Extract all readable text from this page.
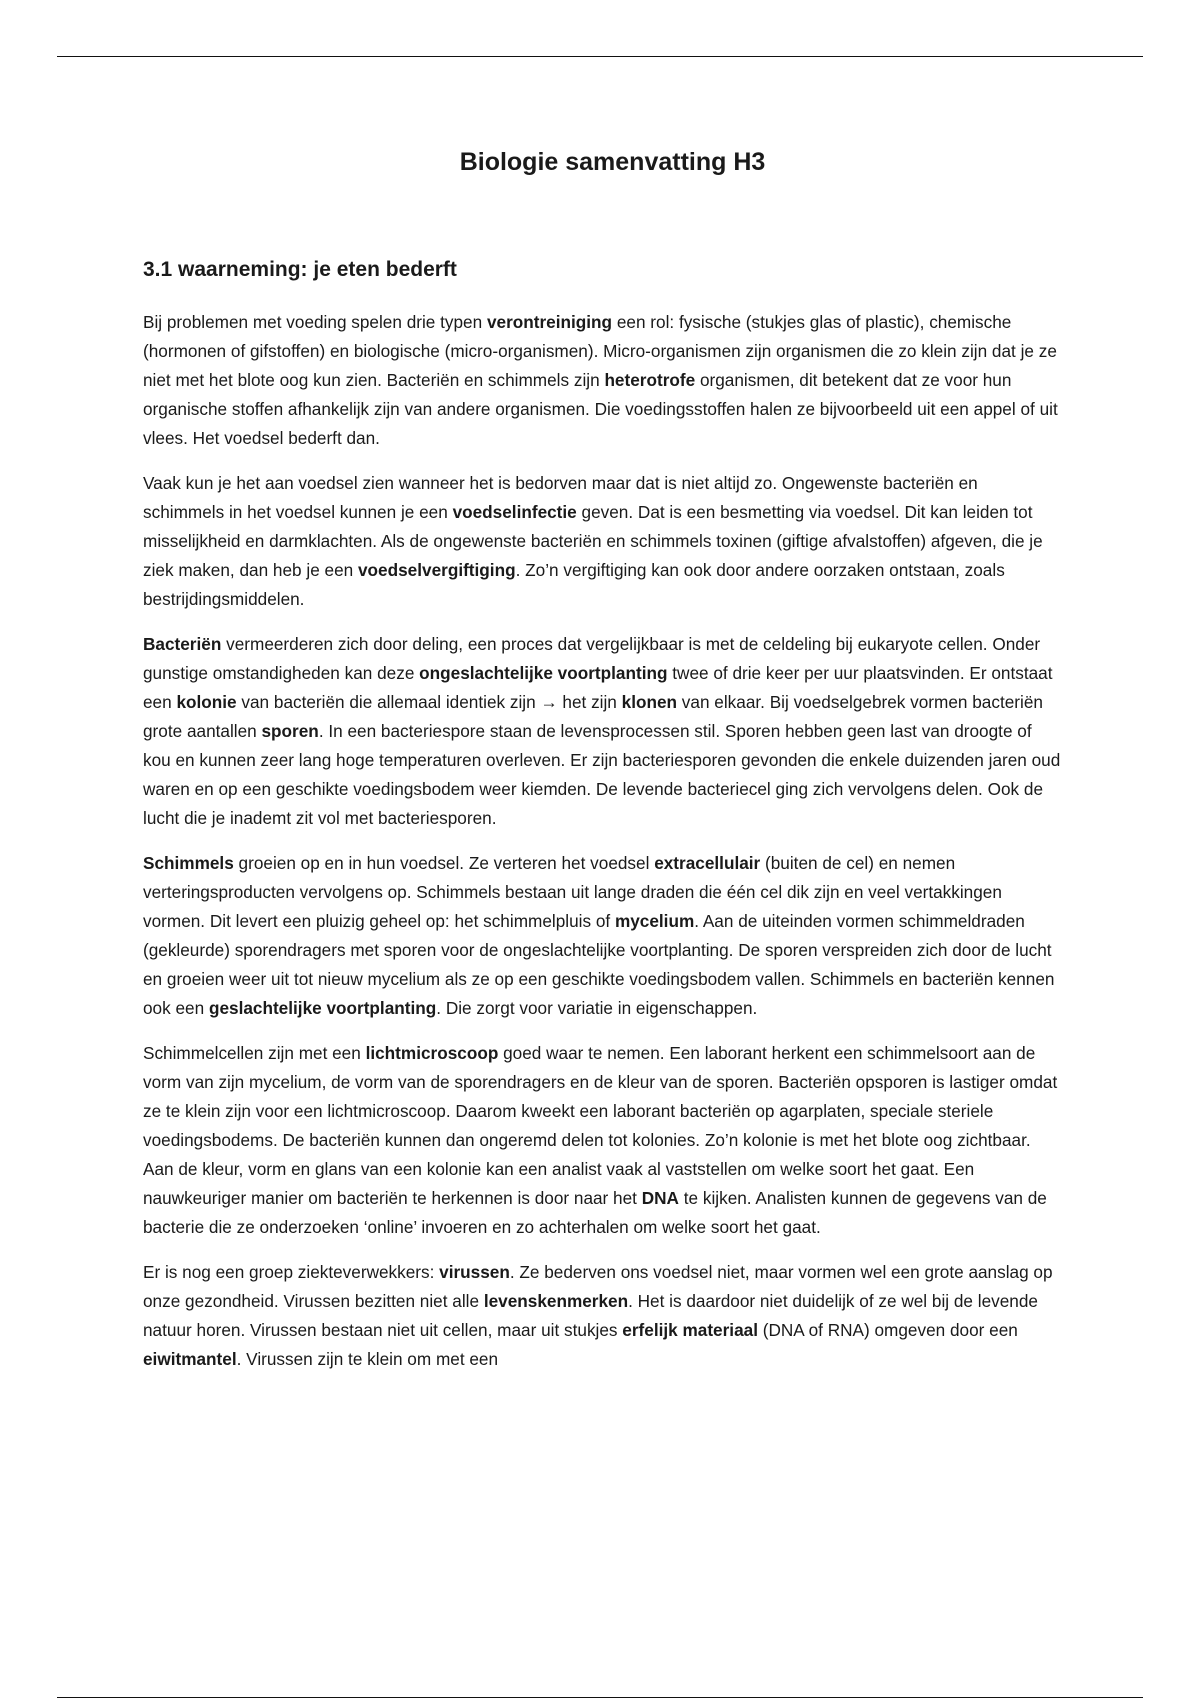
Biologie samenvatting H3
3.1 waarneming: je eten bederft

Bij problemen met voeding spelen drie typen verontreiniging een rol: fysische (stukjes glas of plastic), chemische (hormonen of gifstoffen) en biologische (micro-organismen). Micro-organismen zijn organismen die zo klein zijn dat je ze niet met het blote oog kun zien. Bacteriën en schimmels zijn heterotrofe organismen, dit betekent dat ze voor hun organische stoffen afhankelijk zijn van andere organismen. Die voedingsstoffen halen ze bijvoorbeeld uit een appel of uit vlees. Het voedsel bederft dan.

Vaak kun je het aan voedsel zien wanneer het is bedorven maar dat is niet altijd zo. Ongewenste bacteriën en schimmels in het voedsel kunnen je een voedselinfectie geven. Dat is een besmetting via voedsel. Dit kan leiden tot misselijkheid en darmklachten. Als de ongewenste bacteriën en schimmels toxinen (giftige afvalstoffen) afgeven, die je ziek maken, dan heb je een voedselvergiftiging. Zo’n vergiftiging kan ook door andere oorzaken ontstaan, zoals bestrijdingsmiddelen.

Bacteriën vermeerderen zich door deling, een proces dat vergelijkbaar is met de celdeling bij eukaryote cellen. Onder gunstige omstandigheden kan deze ongeslachtelijke voortplanting twee of drie keer per uur plaatsvinden. Er ontstaat een kolonie van bacteriën die allemaal identiek zijn → het zijn klonen van elkaar. Bij voedselgebrek vormen bacteriën grote aantallen sporen. In een bacteriespore staan de levensprocessen stil. Sporen hebben geen last van droogte of kou en kunnen zeer lang hoge temperaturen overleven. Er zijn bacteriesporen gevonden die enkele duizenden jaren oud waren en op een geschikte voedingsbodem weer kiemden. De levende bacteriecel ging zich vervolgens delen. Ook de lucht die je inademt zit vol met bacteriesporen.

Schimmels groeien op en in hun voedsel. Ze verteren het voedsel extracellulair (buiten de cel) en nemen verteringsproducten vervolgens op. Schimmels bestaan uit lange draden die één cel dik zijn en veel vertakkingen vormen. Dit levert een pluizig geheel op: het schimmelpluis of mycelium. Aan de uiteinden vormen schimmeldraden (gekleurde) sporendragers met sporen voor de ongeslachtelijke voortplanting. De sporen verspreiden zich door de lucht en groeien weer uit tot nieuw mycelium als ze op een geschikte voedingsbodem vallen. Schimmels en bacteriën kennen ook een geslachtelijke voortplanting. Die zorgt voor variatie in eigenschappen.

Schimmelcellen zijn met een lichtmicroscoop goed waar te nemen. Een laborant herkent een schimmelsoort aan de vorm van zijn mycelium, de vorm van de sporendragers en de kleur van de sporen. Bacteriën opsporen is lastiger omdat ze te klein zijn voor een lichtmicroscoop. Daarom kweekt een laborant bacteriën op agarplaten, speciale steriele voedingsbodems. De bacteriën kunnen dan ongeremd delen tot kolonies. Zo’n kolonie is met het blote oog zichtbaar. Aan de kleur, vorm en glans van een kolonie kan een analist vaak al vaststellen om welke soort het gaat. Een nauwkeuriger manier om bacteriën te herkennen is door naar het DNA te kijken. Analisten kunnen de gegevens van de bacterie die ze onderzoeken ‘online’ invoeren en zo achterhalen om welke soort het gaat.

Er is nog een groep ziekteverwekkers: virussen. Ze bederven ons voedsel niet, maar vormen wel een grote aanslag op onze gezondheid. Virussen bezitten niet alle levenskenmerken. Het is daardoor niet duidelijk of ze wel bij de levende natuur horen. Virussen bestaan niet uit cellen, maar uit stukjes erfelijk materiaal (DNA of RNA) omgeven door een eiwitmantel. Virussen zijn te klein om met een
